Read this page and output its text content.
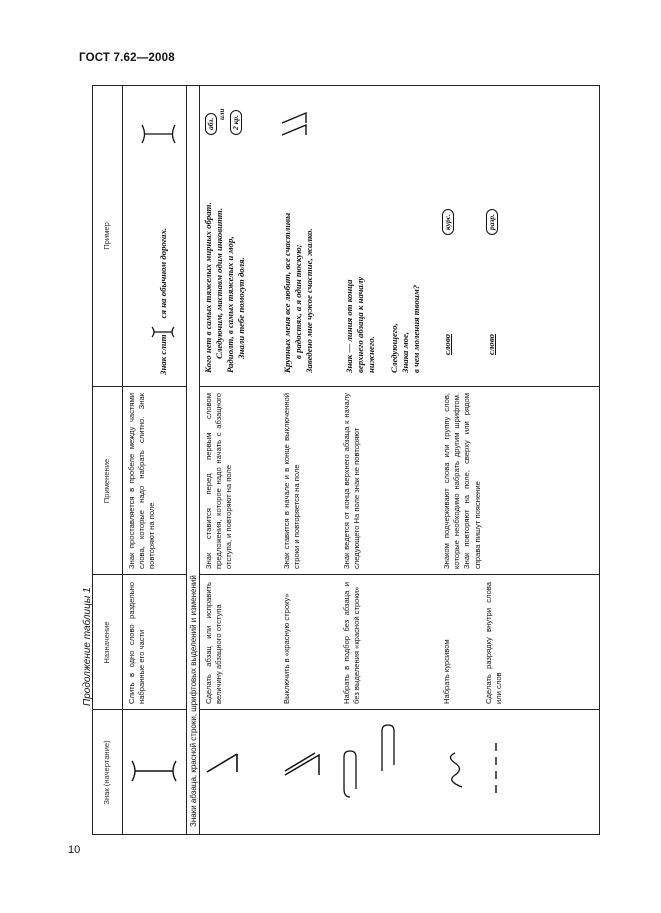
ГОСТ 7.62—2008
10
Продолжение таблицы 1
Знак (начертание)
Назначение
Применение
Пример
Слить в одно слово раздельно набранные его части
Знак проставляется в пробеле между частями слова, которые надо набрать слитно. Знак повторяют на поле
Знак слится на обычном дорогах.
Знаки абзаца, красной строки, шрифтовых выделений и изменений Сделать абзац или исправить величину абзацного отступа
Знак ставится перед первым словом предложения, которое надо начать с абзацного отступа, и повторяют на поле
Кого нет в самых тяжелых мирных обрат. Следуючим, маставм одим инковитт. Радиолт, в самых тяжелых и мор, Знали тебе помогут доля.
абз.
или
2 кр.
Выключить в «красную строку»
Знак ставится в начале и в конце выключенной строки и повторяется на поле
Крупных меня все любит, все счастливы в радостях, а я один тоскую; Заведено мне чужое счастие, жалко.
Набрать в подбор без абзаца и без выделения «красной строки»
Знак ведется от конца верхнего абзаца к началу следующего На поле знак не повторяют
Знак — линия от конца верхнего абзаца к началу нижнего. Следующего, Знака мое, в чем моления твоим?
Набрать курсивом
Знаком подчеркивают слова или группу слов, которые необходимо набрать другим шрифтом. Знак повторяют на поле, сверху или рядом справа пишут пояснение
слово
курс.
Сделать разрядку внутри слова или слов
слово
разр.
